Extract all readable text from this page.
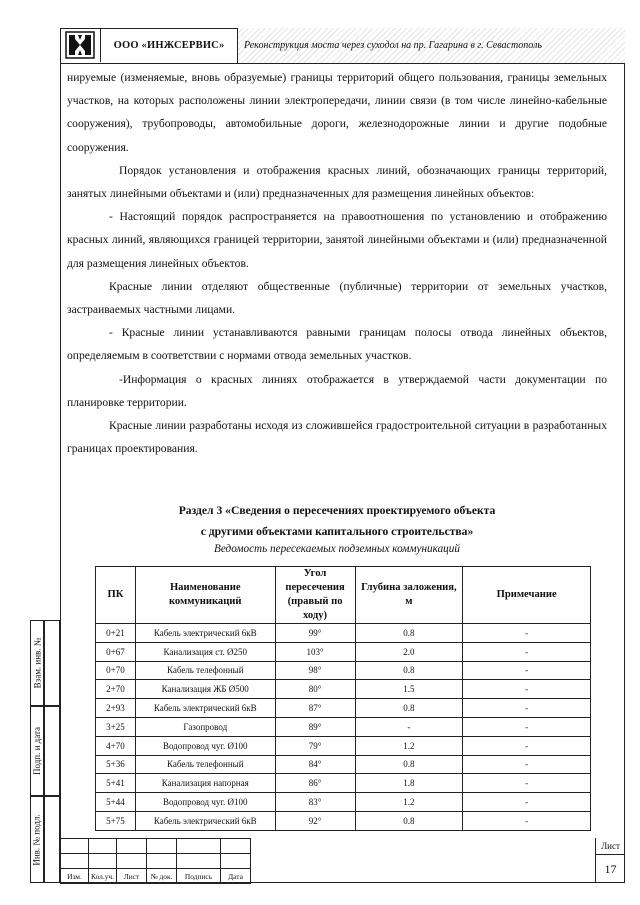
ООО «ИНЖСЕРВИС»	Реконструкция моста через суходол на пр. Гагарина в г. Севастополь

нируемые (изменяемые, вновь образуемые) границы территорий общего пользования, границы земельных участков, на которых расположены линии электропередачи, линии связи (в том числе линейно-кабельные сооружения), трубопроводы, автомобильные дороги, железнодорожные линии и другие подобные сооружения.

Порядок установления и отображения красных линий, обозначающих границы территорий, занятых линейными объектами и (или) предназначенных для размещения линейных объектов:

- Настоящий порядок распространяется на правоотношения по установлению и отображению красных линий, являющихся границей территории, занятой линейными объектами и (или) предназначенной для размещения линейных объектов.

Красные линии отделяют общественные (публичные) территории от земельных участков, застраиваемых частными лицами.

- Красные линии устанавливаются равными границам полосы отвода линейных объектов, определяемым в соответствии с нормами отвода земельных участков.

-Информация о красных линиях отображается в утверждаемой части документации по планировке территории.

Красные линии разработаны исходя из сложившейся градостроительной ситуации в разработанных границах проектирования.

Раздел 3 «Сведения о пересечениях проектируемого объекта
с другими объектами капитального строительства»
Ведомость пересекаемых подземных коммуникаций
ПК	Наименование коммуникаций	Угол пересечения (правый по ходу)	Глубина заложения, м	Примечание
0+21	Кабель электрический 6кВ	99°	0.8	-
0+67	Канализация ст. Ø250	103°	2.0	-
0+70	Кабель телефонный	98°	0.8	-
2+70	Канализация ЖБ Ø500	80°	1.5	-
2+93	Кабель электрический 6кВ	87°	0.8	-
3+25	Газопровод	89°	-	-
4+70	Водопровод чуг. Ø100	79°	1.2	-
5+36	Кабель телефонный	84°	0.8	-
5+41	Канализация напорная	86°	1.8	-
5+44	Водопровод чуг. Ø100	83°	1.2	-
5+75	Кабель электрический 6кВ	92°	0.8	-
Взам. инв. №
Подп. и дата
Инв. № подл.

Изм.	Кол.уч.	Лист	№ док.	Подпись	Дата
Лист
17
